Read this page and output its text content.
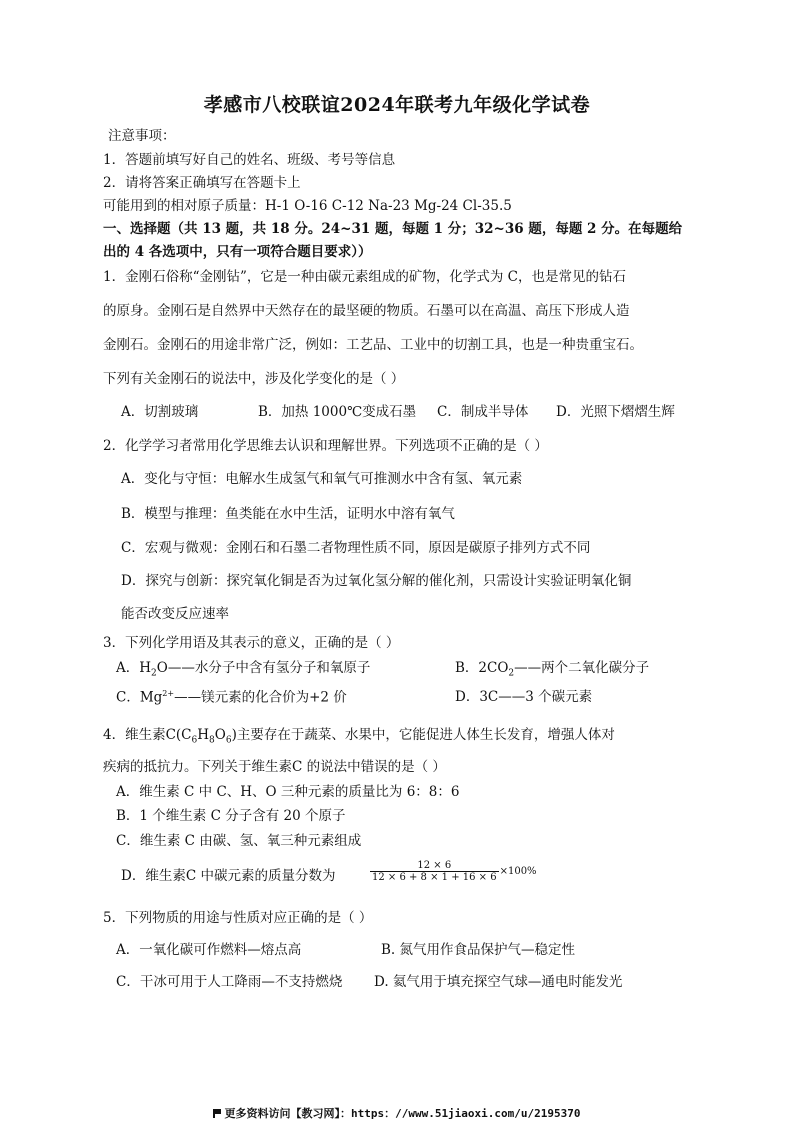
孝感市八校联谊2024年联考九年级化学试卷
注意事项：
1．答题前填写好自己的姓名、班级、考号等信息
2．请将答案正确填写在答题卡上
可能用到的相对原子质量：H-1 O-16 C-12 Na-23 Mg-24 Cl-35.5
一、选择题（共 13 题，共 18 分。24~31 题，每题 1 分；32~36 题，每题 2 分。在每题给
出的 4 各选项中，只有一项符合题目要求））
1．金刚石俗称“金刚钻”，它是一种由碳元素组成的矿物，化学式为 C，也是常见的钻石
的原身。金刚石是自然界中天然存在的最坚硬的物质。石墨可以在高温、高压下形成人造
金刚石。金刚石的用途非常广泛，例如：工艺品、工业中的切割工具，也是一种贵重宝石。
下列有关金刚石的说法中，涉及化学变化的是（ ）
A．切割玻璃	B．加热 1000℃变成石墨 C．制成半导体 D．光照下熠熠生辉
2．化学学习者常用化学思维去认识和理解世界。下列选项不正确的是（ ）
A．变化与守恒：电解水生成氢气和氧气可推测水中含有氢、氧元素
B．模型与推理：鱼类能在水中生活，证明水中溶有氧气
C．宏观与微观：金刚石和石墨二者物理性质不同，原因是碳原子排列方式不同
D．探究与创新：探究氧化铜是否为过氧化氢分解的催化剂，只需设计实验证明氧化铜
能否改变反应速率
3．下列化学用语及其表示的意义，正确的是（ ）
A．$H_2O——$水分子中含有氢分子和氧原子	B．$2CO_2——$两个二氧化碳分子
C．$Mg^{2+}——$镁元素的化合价为+2 价	D．3C——3 个碳元素
4．维生素$C(C_6H_8O_6)$主要存在于蔬菜、水果中，它能促进人体生长发育，增强人体对
疾病的抵抗力。下列关于维生素C 的说法中错误的是（ ）
A．维生素 C 中 C、H、O 三种元素的质量比为 6：8：6
B．1 个维生素 C 分子含有 20 个原子
C．维生素 C 由碳、氢、氧三种元素组成
D．维生素C 中碳元素的质量分数为	$\frac{12 \times 6}{12 \times 6 + 8 \times 1 + 16 \times 6} \times 100\%$
5．下列物质的用途与性质对应正确的是（ ）
A．一氧化碳可作燃料—熔点高	B. 氮气用作食品保护气—稳定性
C．干冰可用于人工降雨—不支持燃烧 D. 氦气用于填充探空气球—通电时能发光
更多资料访问【教习网】：https：//www.51jiaoxi.com/u/2195370
